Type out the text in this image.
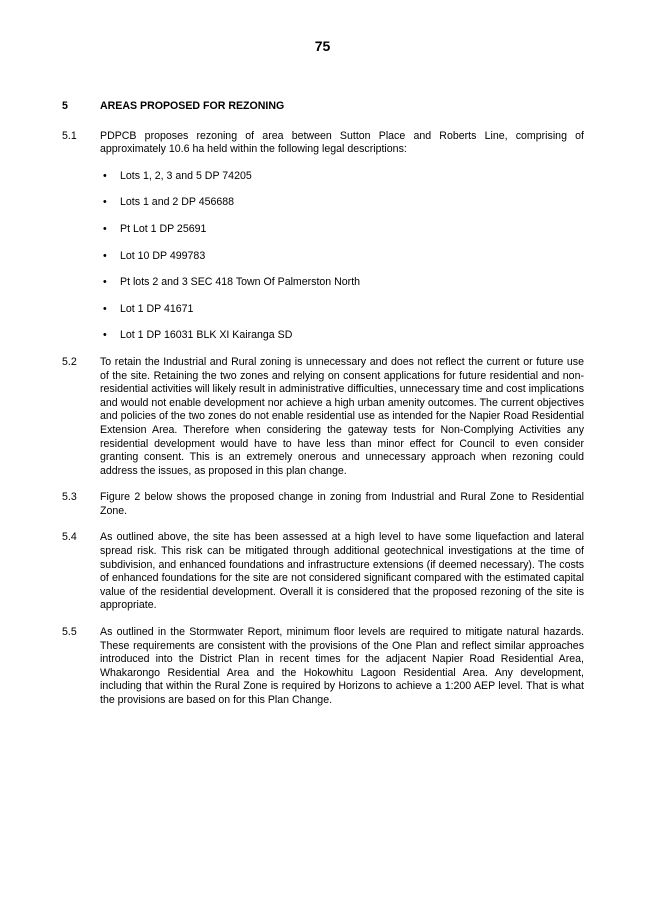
75
5	AREAS PROPOSED FOR REZONING
5.1	PDPCB proposes rezoning of area between Sutton Place and Roberts Line, comprising of approximately 10.6 ha held within the following legal descriptions:
•	Lots 1, 2, 3 and 5 DP 74205
•	Lots 1 and 2 DP 456688
•	Pt Lot 1 DP 25691
•	Lot 10 DP 499783
•	Pt lots 2 and 3 SEC 418 Town Of Palmerston North
•	Lot 1 DP 41671
•	Lot 1 DP 16031 BLK XI Kairanga SD
5.2	To retain the Industrial and Rural zoning is unnecessary and does not reflect the current or future use of the site. Retaining the two zones and relying on consent applications for future residential and non-residential activities will likely result in administrative difficulties, unnecessary time and cost implications and would not enable development nor achieve a high urban amenity outcomes. The current objectives and policies of the two zones do not enable residential use as intended for the Napier Road Residential Extension Area. Therefore when considering the gateway tests for Non-Complying Activities any residential development would have to have less than minor effect for Council to even consider granting consent. This is an extremely onerous and unnecessary approach when rezoning could address the issues, as proposed in this plan change.
5.3	Figure 2 below shows the proposed change in zoning from Industrial and Rural Zone to Residential Zone.
5.4	As outlined above, the site has been assessed at a high level to have some liquefaction and lateral spread risk. This risk can be mitigated through additional geotechnical investigations at the time of subdivision, and enhanced foundations and infrastructure extensions (if deemed necessary). The costs of enhanced foundations for the site are not considered significant compared with the estimated capital value of the residential development. Overall it is considered that the proposed rezoning of the site is appropriate.
5.5	As outlined in the Stormwater Report, minimum floor levels are required to mitigate natural hazards. These requirements are consistent with the provisions of the One Plan and reflect similar approaches introduced into the District Plan in recent times for the adjacent Napier Road Residential Area, Whakarongo Residential Area and the Hokowhitu Lagoon Residential Area. Any development, including that within the Rural Zone is required by Horizons to achieve a 1:200 AEP level. That is what the provisions are based on for this Plan Change.
